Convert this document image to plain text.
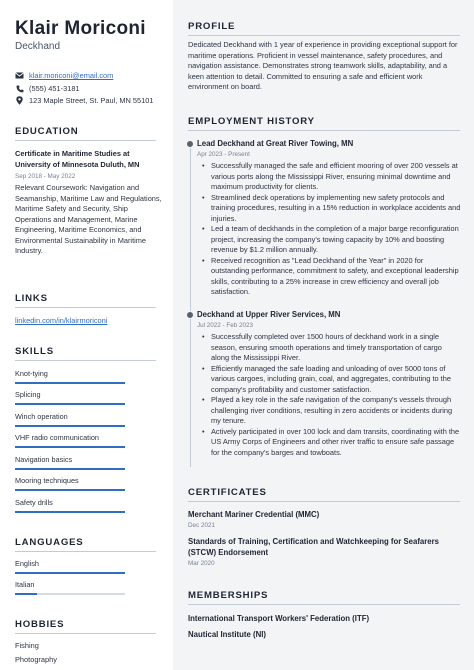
Klair Moriconi
Deckhand
klair.moriconi@email.com
(555) 451-3181
123 Maple Street, St. Paul, MN 55101
EDUCATION
Certificate in Maritime Studies at University of Minnesota Duluth, MN
Sep 2018 - May 2022
Relevant Coursework: Navigation and Seamanship, Maritime Law and Regulations, Maritime Safety and Security, Ship Operations and Management, Marine Engineering, Maritime Economics, and Environmental Sustainability in Maritime Industry.
LINKS
linkedin.com/in/klairmoriconi
SKILLS
Knot-tying
Splicing
Winch operation
VHF radio communication
Navigation basics
Mooring techniques
Safety drills
LANGUAGES
English
Italian
HOBBIES
Fishing
Photography
PROFILE
Dedicated Deckhand with 1 year of experience in providing exceptional support for maritime operations. Proficient in vessel maintenance, safety procedures, and navigation assistance. Demonstrates strong teamwork skills, adaptability, and a keen attention to detail. Committed to ensuring a safe and efficient work environment on board.
EMPLOYMENT HISTORY
Lead Deckhand at Great River Towing, MN
Apr 2023 - Present
• Successfully managed the safe and efficient mooring of over 200 vessels at various ports along the Mississippi River, ensuring minimal downtime and maximum productivity for clients.
• Streamlined deck operations by implementing new safety protocols and training procedures, resulting in a 15% reduction in workplace accidents and injuries.
• Led a team of deckhands in the completion of a major barge reconfiguration project, increasing the company's towing capacity by 10% and boosting revenue by $1.2 million annually.
• Received recognition as "Lead Deckhand of the Year" in 2020 for outstanding performance, commitment to safety, and exceptional leadership skills, contributing to a 25% increase in crew efficiency and overall job satisfaction.
Deckhand at Upper River Services, MN
Jul 2022 - Feb 2023
• Successfully completed over 1500 hours of deckhand work in a single season, ensuring smooth operations and timely transportation of cargo along the Mississippi River.
• Efficiently managed the safe loading and unloading of over 5000 tons of various cargoes, including grain, coal, and aggregates, contributing to the company's profitability and customer satisfaction.
• Played a key role in the safe navigation of the company's vessels through challenging river conditions, resulting in zero accidents or incidents during my tenure.
• Actively participated in over 100 lock and dam transits, coordinating with the US Army Corps of Engineers and other river traffic to ensure safe passage for the company's barges and towboats.
CERTIFICATES
Merchant Mariner Credential (MMC)
Dec 2021
Standards of Training, Certification and Watchkeeping for Seafarers (STCW) Endorsement
Mar 2020
MEMBERSHIPS
International Transport Workers' Federation (ITF)
Nautical Institute (NI)
